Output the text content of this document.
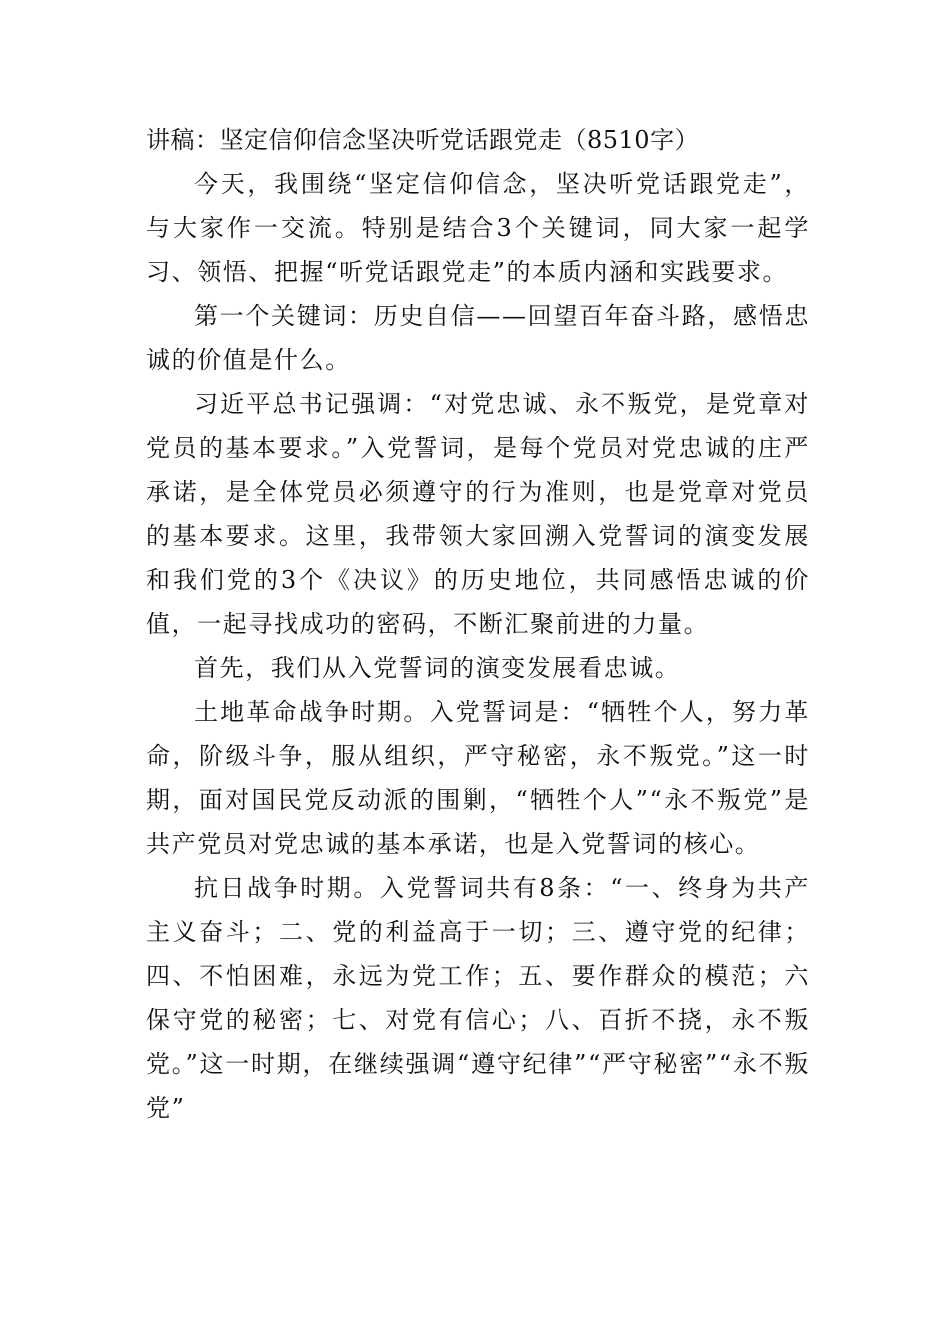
讲稿：坚定信仰信念坚决听党话跟党走（8510字）

今天，我围绕“坚定信仰信念，坚决听党话跟党走”，与大家作一交流。特别是结合3个关键词，同大家一起学习、领悟、把握“听党话跟党走”的本质内涵和实践要求。

第一个关键词：历史自信——回望百年奋斗路，感悟忠诚的价值是什么。

习近平总书记强调：“对党忠诚、永不叛党，是党章对党员的基本要求。”入党誓词，是每个党员对党忠诚的庄严承诺，是全体党员必须遵守的行为准则，也是党章对党员的基本要求。这里，我带领大家回溯入党誓词的演变发展和我们党的3个《决议》的历史地位，共同感悟忠诚的价值，一起寻找成功的密码，不断汇聚前进的力量。

首先，我们从入党誓词的演变发展看忠诚。

土地革命战争时期。入党誓词是：“牺牲个人，努力革命，阶级斗争，服从组织，严守秘密，永不叛党。”这一时期，面对国民党反动派的围剿，“牺牲个人”“永不叛党”是共产党员对党忠诚的基本承诺，也是入党誓词的核心。

抗日战争时期。入党誓词共有8条：“一、终身为共产主义奋斗；二、党的利益高于一切；三、遵守党的纪律；四、不怕困难，永远为党工作；五、要作群众的模范；六保守党的秘密；七、对党有信心；八、百折不挠，永不叛党。”这一时期，在继续强调“遵守纪律”“严守秘密”“永不叛党”
